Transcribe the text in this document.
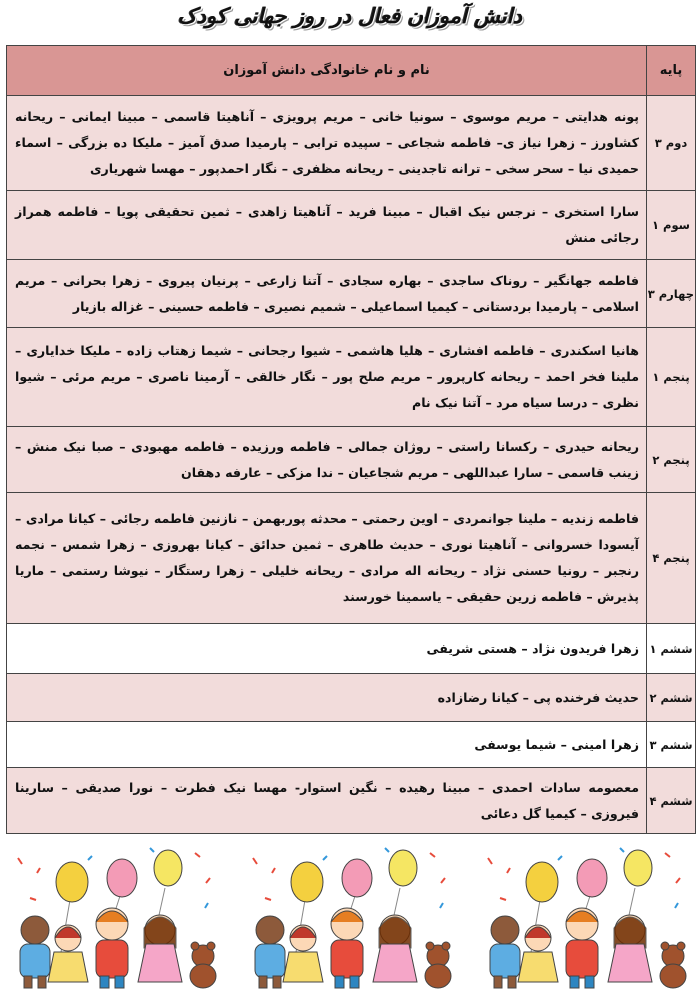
دانش آموزان فعال در روز جهانی کودک
پایه	نام و نام خانوادگی دانش آموزان
دوم ۳	پونه هدایتی – مریم موسوی – سونیا خانی – مریم پرویزی – آناهیتا قاسمی – مبینا ایمانی – ریحانه کشاورز – زهرا نیاز ی– فاطمه شجاعی – سپیده ترابی – پارمیدا صدق آمیز – ملیکا ده بزرگی – اسماء حمیدی نیا – سحر سخی – ترانه تاجدینی – ریحانه مظفری – نگار احمدپور – مهسا شهریاری
سوم ۱	سارا استخری – نرجس نیک اقبال – مبینا فرید – آناهیتا زاهدی – ثمین تحقیقی پویا – فاطمه همراز رجائی منش
چهارم ۳	فاطمه جهانگیر – روناک ساجدی – بهاره سجادی – آتنا زارعی – پرنیان پیروی – زهرا بحرانی – مریم اسلامی – پارمیدا بردستانی – کیمیا اسماعیلی – شمیم نصیری – فاطمه حسینی – غزاله بازیار
پنجم ۱	هانیا اسکندری – فاطمه افشاری – هلیا هاشمی – شیوا رجحانی – شیما زهتاب زاده – ملیکا خدایاری – ملینا فخر احمد – ریحانه کارپرور – مریم صلح پور – نگار خالقی – آرمینا ناصری – مریم مرئی – شیوا نظری – درسا سیاه مرد – آتنا نیک نام
پنجم ۲	ریحانه حیدری – رکسانا راستی – روژان جمالی – فاطمه ورزیده – فاطمه مهبودی – صبا نیک منش – زینب قاسمی – سارا عبداللهی – مریم شجاعیان – ندا مزکی – عارفه دهقان
پنجم ۴	فاطمه زندیه – ملینا جوانمردی – اوین رحمتی – محدثه پوربهمن – نازنین فاطمه رجائی – کیانا مرادی – آیسودا خسروانی – آناهیتا نوری – حدیث طاهری – ثمین حدائق – کیانا بهروزی – زهرا شمس – نجمه رنجبر – رونیا حسنی نژاد – ریحانه اله مرادی – ریحانه خلیلی – زهرا رستگار – نیوشا رستمی – ماریا پذیرش – فاطمه زرین حقیقی – یاسمینا خورسند
ششم ۱	زهرا فریدون نژاد – هستی شریفی
ششم ۲	حدیث فرخنده پی – کیانا رضازاده
ششم ۳	زهرا امینی – شیما یوسفی
ششم ۴	معصومه سادات احمدی – مبینا رهیده – نگین استوار- مهسا نیک فطرت – نورا صدیقی – سارینا فیروزی – کیمیا گل دعائی
